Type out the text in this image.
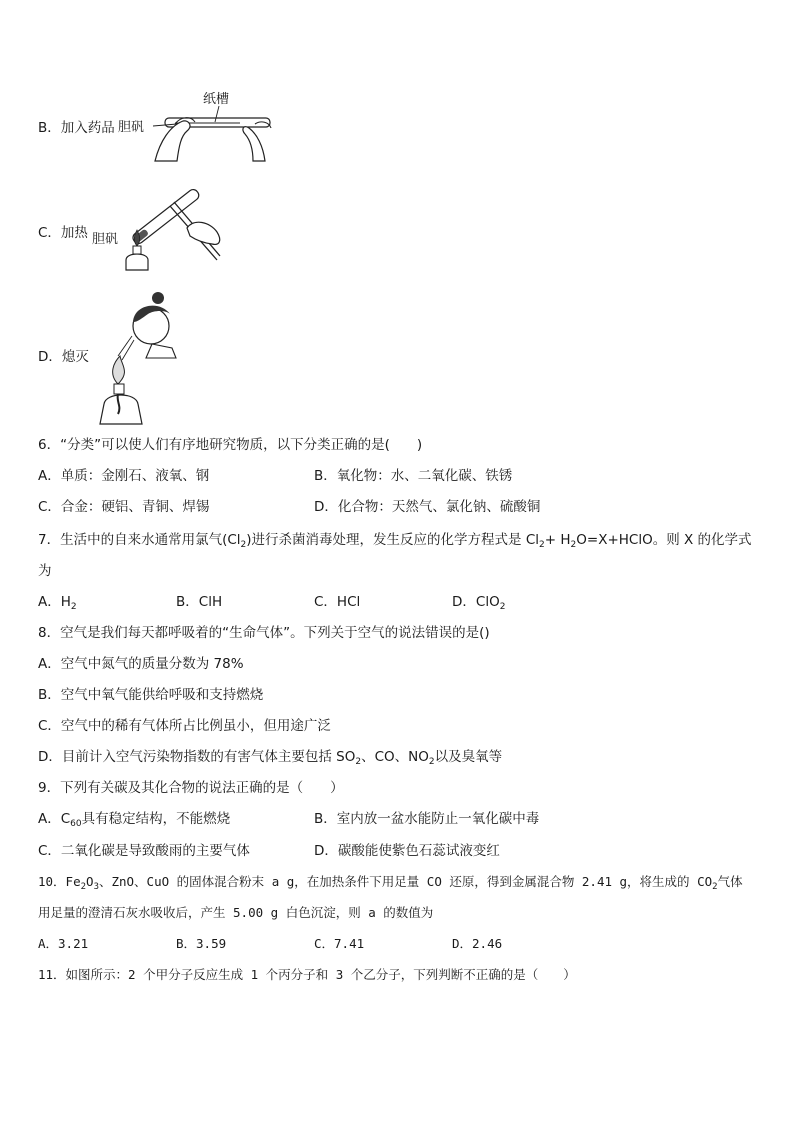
B．加入药品 胆矾
纸槽
C．加热 胆矾
D．熄灭
6．“分类”可以使人们有序地研究物质，以下分类正确的是(　　)
A．单质：金刚石、液氧、钢	B．氧化物：水、二氧化碳、铁锈
C．合金：硬铝、青铜、焊锡	D．化合物：天然气、氯化钠、硫酸铜
7．生活中的自来水通常用氯气$(Cl_2)$进行杀菌消毒处理，发生反应的化学方程式是 $Cl_2+$ $H_2O=X+HClO$。则 X 的化学式
为
A．$H_2$	B．ClH	C．HCl	D．ClO$_2$
8．空气是我们每天都呼吸着的“生命气体”。下列关于空气的说法错误的是()
A．空气中氮气的质量分数为 78%
B．空气中氧气能供给呼吸和支持燃烧
C．空气中的稀有气体所占比例虽小，但用途广泛
D．目前计入空气污染物指数的有害气体主要包括 $SO_2$、CO、$NO_2$以及臭氧等
9．下列有关碳及其化合物的说法正确的是（　　）
A．$C_{60}$具有稳定结构，不能燃烧	B．室内放一盆水能防止一氧化碳中毒
C．二氧化碳是导致酸雨的主要气体	D．碳酸能使紫色石蕊试液变红
10．$Fe_2O_3$、ZnO、CuO 的固体混合粉末 a g，在加热条件下用足量 CO 还原，得到金属混合物 2.41 g，将生成的 $CO_2$气体
用足量的澄清石灰水吸收后，产生 5.00 g 白色沉淀，则 a 的数值为
A．3.21	B．3.59	C．7.41	D．2.46
11．如图所示：2 个甲分子反应生成 1 个丙分子和 3 个乙分子，下列判断不正确的是（　　）
